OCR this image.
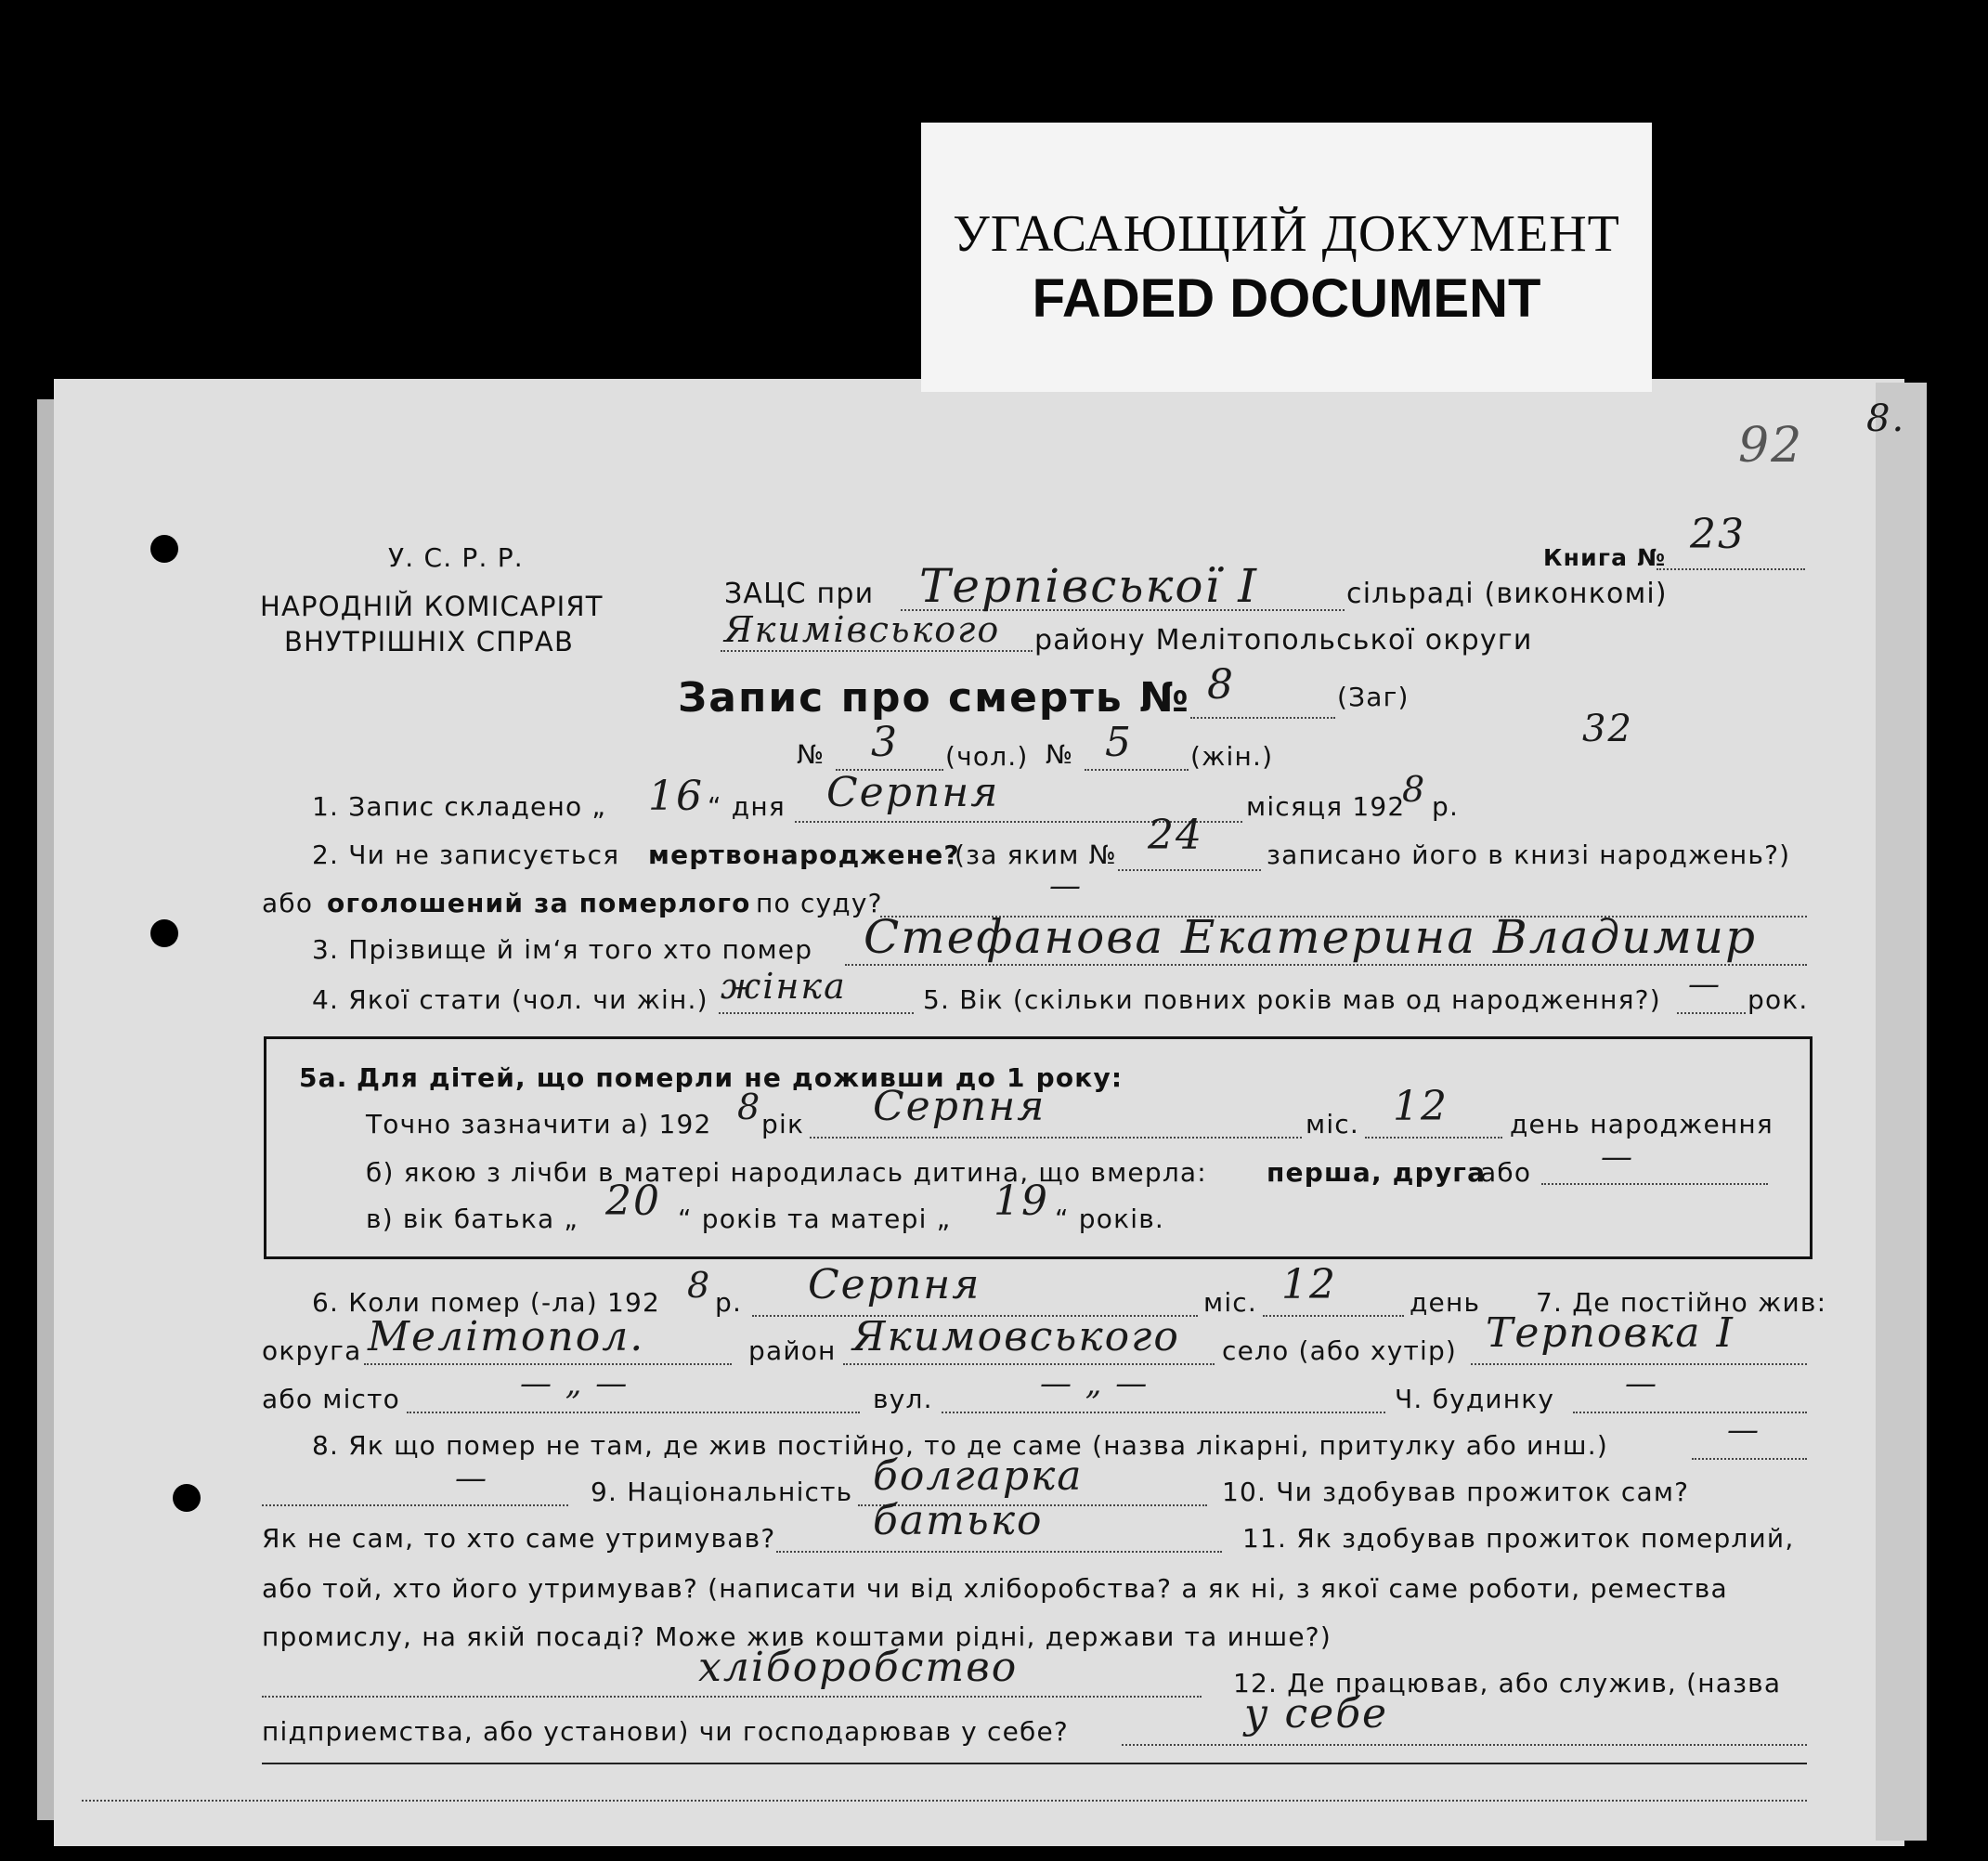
УГАСАЮЩИЙ ДОКУМЕНТ
FADED DOCUMENT
92 8.
У. С. Р. Р.
НАРОДНІЙ КОМІСАРІЯТ
ВНУТРІШНІХ СПРАВ
Книга № 23
ЗАЦС при Терпівської I	сільраді (виконкомі)
Якимівського району Мелітопольської округи
Запис про смерть № 8	(Заг)
№ 3 (чол.) № 5 (жін.)
32
1. Запис складено „ 16 “ дня Серпня	місяця 192
8 р.
2. Чи не записується мертвонароджене?
(за яким № 24 записано його в книзі народжень?)
або оголошений за померлого по суду?	—
3. Прізвище й ім‘я того хто помер Стефанова Екатерина Владимир
4. Якої стати (чол. чи жін.) жінка	5. Вік (скільки повних років мав од народження?) — рок.
5а. Для дітей, що померли не доживши до 1 року:
Точно зазначити а) 192 8 рік Серпня	міс. 12 день народження
б) якою з лічби в матері народилась дитина, що вмерла: перша, друга
або —
в) вік батька „ 20 “ років та матері „ 19 “ років.
6. Коли помер (-ла) 192 8 р. Серпня	міс. 12	день 7. Де постійно жив:
округа Мелітопол.	район Якимовського село (або хутір) Терповка I
або місто	— „ —	вул.	— „ —	Ч. будинку —
8. Як що помер не там, де жив постійно, то де саме (назва лікарні, притулку або инш.)	—
—	9. Національність болгарка	10. Чи здобував прожиток сам?
Як не сам, то хто саме утримував? батько	11. Як здобував прожиток померлий,
або той, хто його утримував? (написати чи від хліборобства? а як ні, з якої саме роботи, ремества
промислу, на якій посаді? Може жив коштами рідні, держави та инше?)
хліборобство	12. Де працював, або служив, (назва
підприемства, або установи) чи господарював у себе?	у себе
